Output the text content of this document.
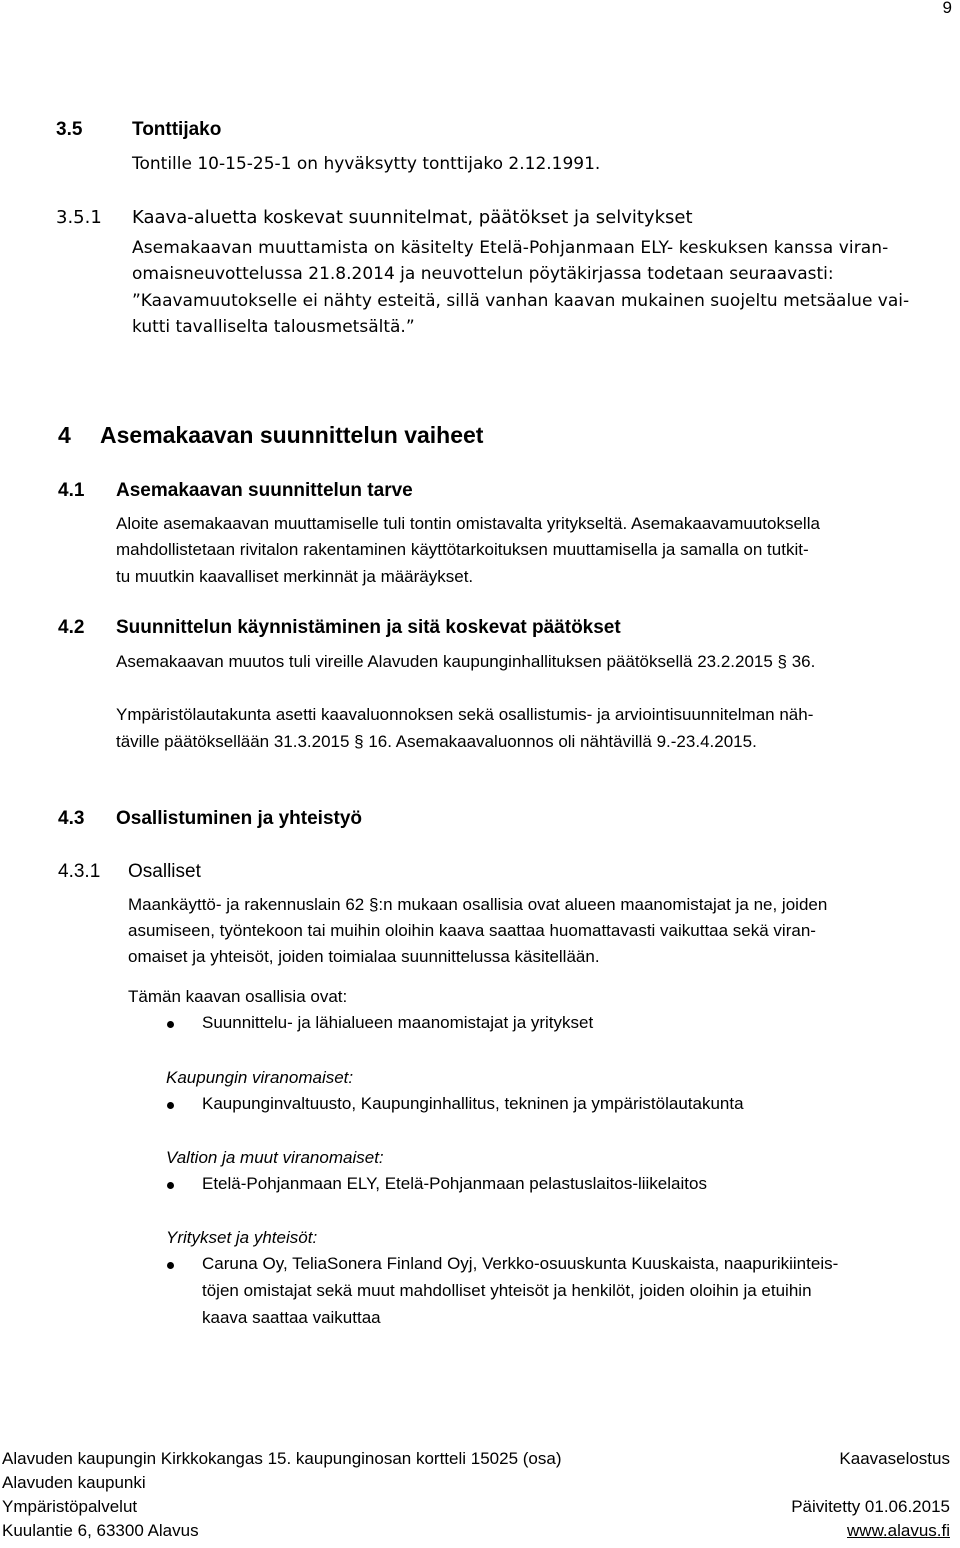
9
3.5	Tonttijako
Tontille 10-15-25-1 on hyväksytty tonttijako 2.12.1991.
3.5.1 Kaava-aluetta koskevat suunnitelmat, päätökset ja selvitykset
Asemakaavan muuttamista on käsitelty Etelä-Pohjanmaan ELY- keskuksen kanssa viran-
omaisneuvottelussa 21.8.2014 ja neuvottelun pöytäkirjassa todetaan seuraavasti:
”Kaavamuutokselle ei nähty esteitä, sillä vanhan kaavan mukainen suojeltu metsäalue vai-
kutti tavalliselta talousmetsältä.”
4 Asemakaavan suunnittelun vaiheet
4.1 Asemakaavan suunnittelun tarve
Aloite asemakaavan muuttamiselle tuli tontin omistavalta yritykseltä. Asemakaavamuutoksella
mahdollistetaan rivitalon rakentaminen käyttötarkoituksen muuttamisella ja samalla on tutkit-
tu muutkin kaavalliset merkinnät ja määräykset.
4.2 Suunnittelun käynnistäminen ja sitä koskevat päätökset
Asemakaavan muutos tuli vireille Alavuden kaupunginhallituksen päätöksellä 23.2.2015 § 36.
Ympäristölautakunta asetti kaavaluonnoksen sekä osallistumis- ja arviointisuunnitelman näh-
täville päätöksellään 31.3.2015 § 16. Asemakaavaluonnos oli nähtävillä 9.-23.4.2015.
4.3 Osallistuminen ja yhteistyö
4.3.1 Osalliset
Maankäyttö- ja rakennuslain 62 §:n mukaan osallisia ovat alueen maanomistajat ja ne, joiden
asumiseen, työntekoon tai muihin oloihin kaava saattaa huomattavasti vaikuttaa sekä viran-
omaiset ja yhteisöt, joiden toimialaa suunnittelussa käsitellään.
Tämän kaavan osallisia ovat:
Suunnittelu- ja lähialueen maanomistajat ja yritykset
Kaupungin viranomaiset:
Kaupunginvaltuusto, Kaupunginhallitus, tekninen ja ympäristölautakunta
Valtion ja muut viranomaiset:
Etelä-Pohjanmaan ELY, Etelä-Pohjanmaan pelastuslaitos-liikelaitos
Yritykset ja yhteisöt:
Caruna Oy, TeliaSonera Finland Oyj, Verkko-osuuskunta Kuuskaista, naapurikiinteis-
töjen omistajat sekä muut mahdolliset yhteisöt ja henkilöt, joiden oloihin ja etuihin
kaava saattaa vaikuttaa
Alavuden kaupungin Kirkkokangas 15. kaupunginosan kortteli 15025 (osa)	Kaavaselostus
Alavuden kaupunki
Ympäristöpalvelut	Päivitetty 01.06.2015
Kuulantie 6, 63300 Alavus	www.alavus.fi
